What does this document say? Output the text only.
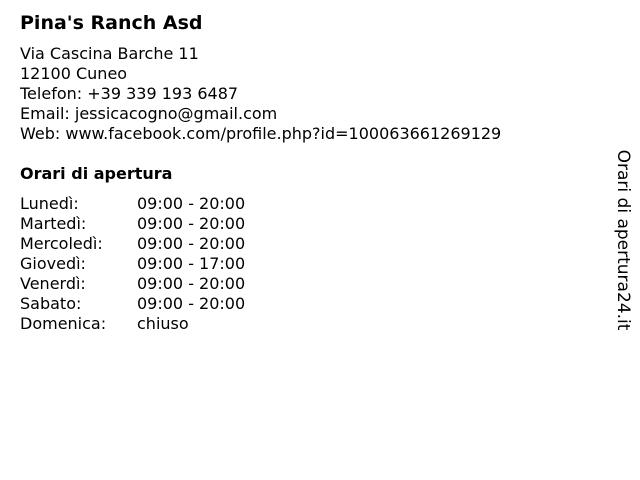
Pina's Ranch Asd
Via Cascina Barche 11
12100 Cuneo
Telefon: +39 339 193 6487
Email: jessicacogno@gmail.com
Web: www.facebook.com/profile.php?id=100063661269129
Orari di apertura
Lunedì:	09:00 - 20:00
Martedì:	09:00 - 20:00
Mercoledì:	09:00 - 20:00
Giovedì:	09:00 - 17:00
Venerdì:	09:00 - 20:00
Sabato:	09:00 - 20:00
Domenica:	chiuso	Orari di apertura24.it
